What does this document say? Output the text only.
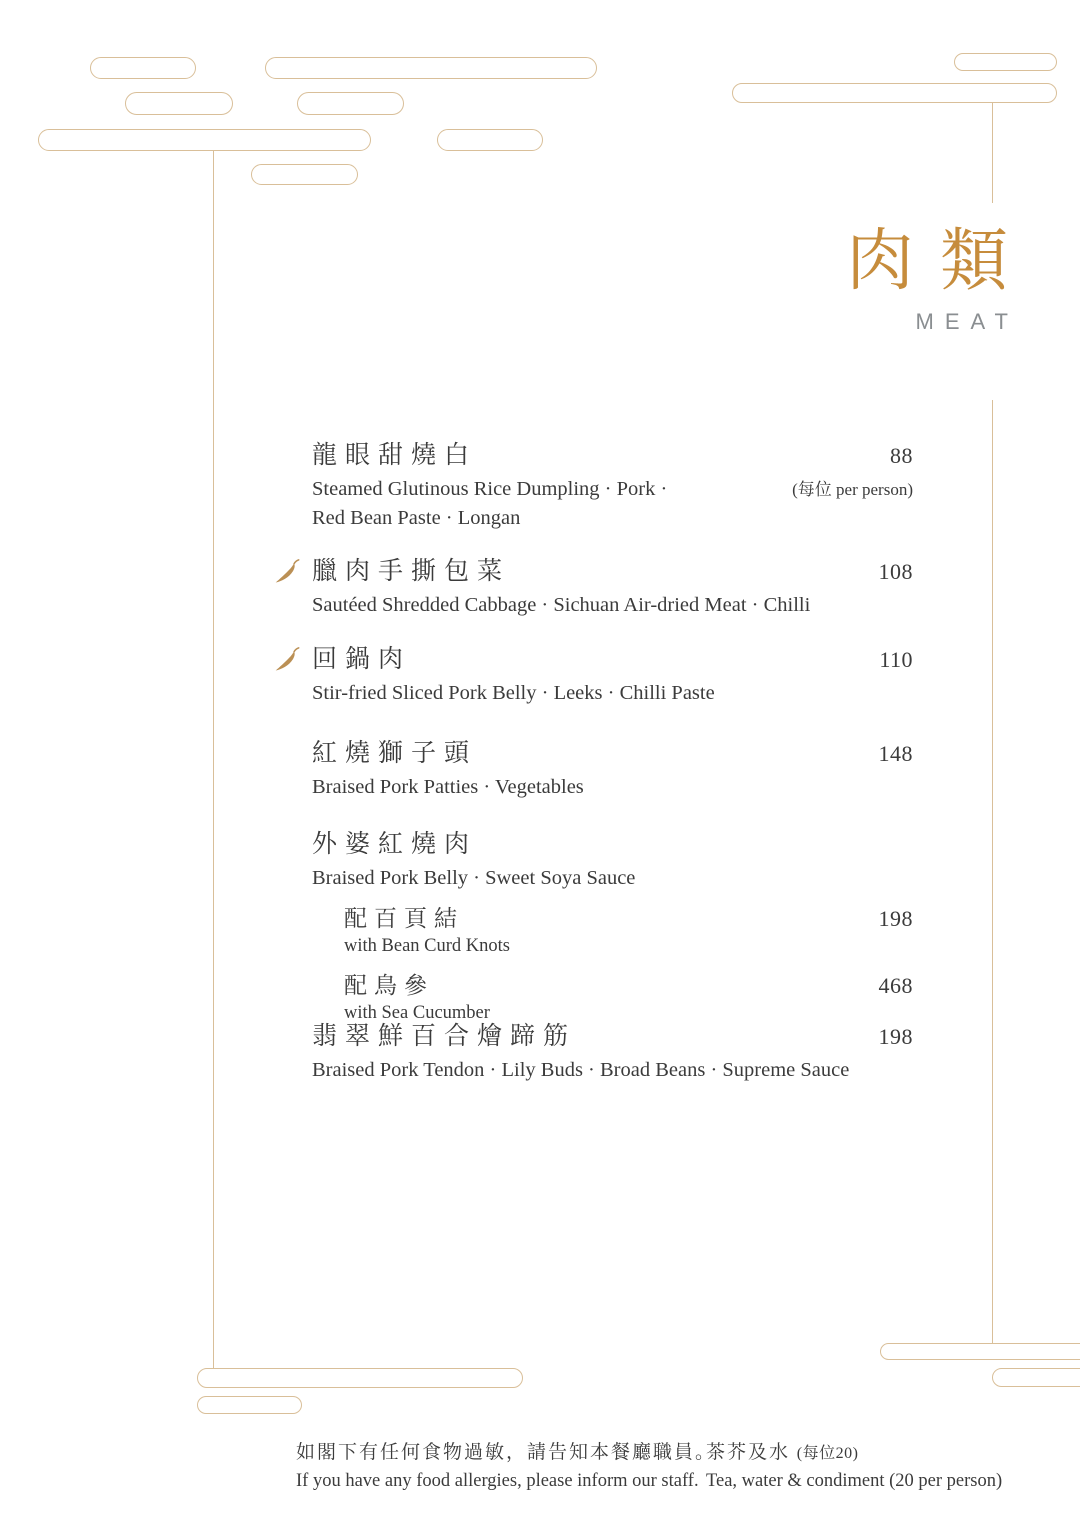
肉 類
MEAT
龍眼甜燒白	88
Steamed Glutinous Rice Dumpling · Pork ·	(每位 per person)
Red Bean Paste · Longan
臘肉手撕包菜	108
Sautéed Shredded Cabbage · Sichuan Air-dried Meat · Chilli
回鍋肉	110
Stir-fried Sliced Pork Belly · Leeks · Chilli Paste
紅燒獅子頭	148
Braised Pork Patties · Vegetables
外婆紅燒肉
Braised Pork Belly · Sweet Soya Sauce
配百頁結	198
with Bean Curd Knots
配鳥參	468
with Sea Cucumber
翡翠鮮百合燴蹄筋	198
Braised Pork Tendon · Lily Buds · Broad Beans · Supreme Sauce
如閣下有任何食物過敏，請告知本餐廳職員。
If you have any food allergies, please inform our staff.
茶芥及水 (每位20)
Tea, water & condiment (20 per person)
